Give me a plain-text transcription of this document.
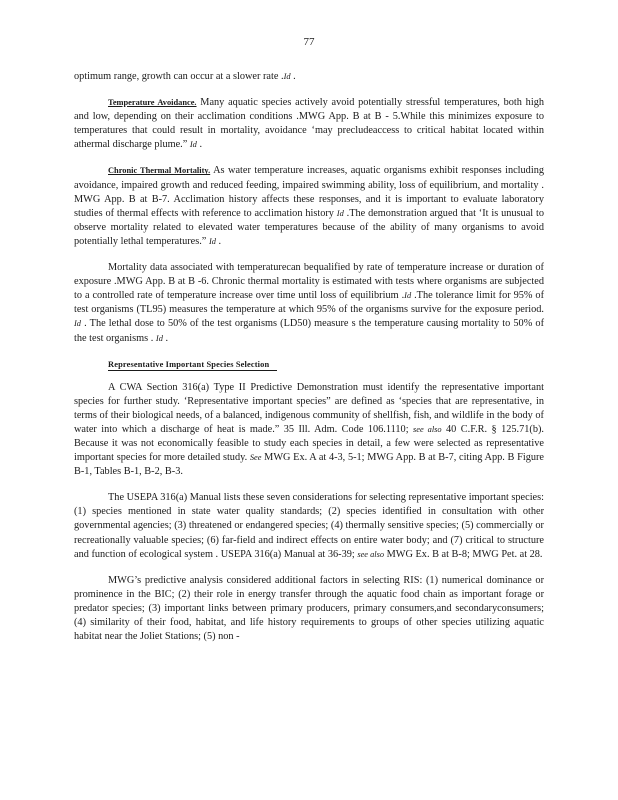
77

optimum range, growth can occur at a slower rate .Id .

Temperature Avoidance. Many aquatic species actively avoid potentially stressful temperatures, both high and low, depending on their acclimation conditions .MWG App. B at B - 5.While this minimizes exposure to temperatures that could result in mortality, avoidance ‘may precludeaccess to critical habitat located within athermal discharge plume.” Id .

Chronic Thermal Mortality. As water temperature increases, aquatic organisms exhibit responses including avoidance, impaired growth and reduced feeding, impaired swimming ability, loss of equilibrium, and mortality . MWG App. B at B-7. Acclimation history affects these responses, and it is important to evaluate laboratory studies of thermal effects with reference to acclimation history Id .The demonstration argued that ‘It is unusual to observe mortality related to elevated water temperatures because of the ability of many organisms to avoid potentially lethal temperatures.” Id .

Mortality data associated with temperaturecan bequalified by rate of temperature increase or duration of exposure .MWG App. B at B -6. Chronic thermal mortality is estimated with tests where organisms are subjected to a controlled rate of temperature increase over time until loss of equilibrium .Id .The tolerance limit for 95% of test organisms (TL95) measures the temperature at which 95% of the organisms survive for the exposure period. Id . The lethal dose to 50% of the test organisms (LD50) measure s the temperature causing mortality to 50% of the test organisms . Id .

Representative Important Species Selection

A CWA Section 316(a) Type II Predictive Demonstration must identify the representative important species for further study. ‘Representative important species” are defined as ‘species that are representative, in terms of their biological needs, of a balanced, indigenous community of shellfish, fish, and wildlife in the body of water into which a discharge of heat is made.” 35 Ill. Adm. Code 106.1110; see also 40 C.F.R. § 125.71(b). Because it was not economically feasible to study each species in detail, a few were selected as representative important species for more detailed study. See MWG Ex. A at 4-3, 5-1; MWG App. B at B-7, citing App. B Figure B-1, Tables B-1, B-2, B-3.

The USEPA 316(a) Manual lists these seven considerations for selecting representative important species: (1) species mentioned in state water quality standards; (2) species identified in consultation with other governmental agencies; (3) threatened or endangered species; (4) thermally sensitive species; (5) commercially or recreationally valuable species; (6) far-field and indirect effects on entire water body; and (7) critical to structure and function of ecological system . USEPA 316(a) Manual at 36-39; see also MWG Ex. B at B-8; MWG Pet. at 28.

MWG’s predictive analysis considered additional factors in selecting RIS: (1) numerical dominance or prominence in the BIC; (2) their role in energy transfer through the aquatic food chain as important forage or predator species; (3) important links between primary producers, primary consumers,and secondaryconsumers; (4) similarity of their food, habitat, and life history requirements to groups of other species utilizing aquatic habitat near the Joliet Stations; (5) non -
